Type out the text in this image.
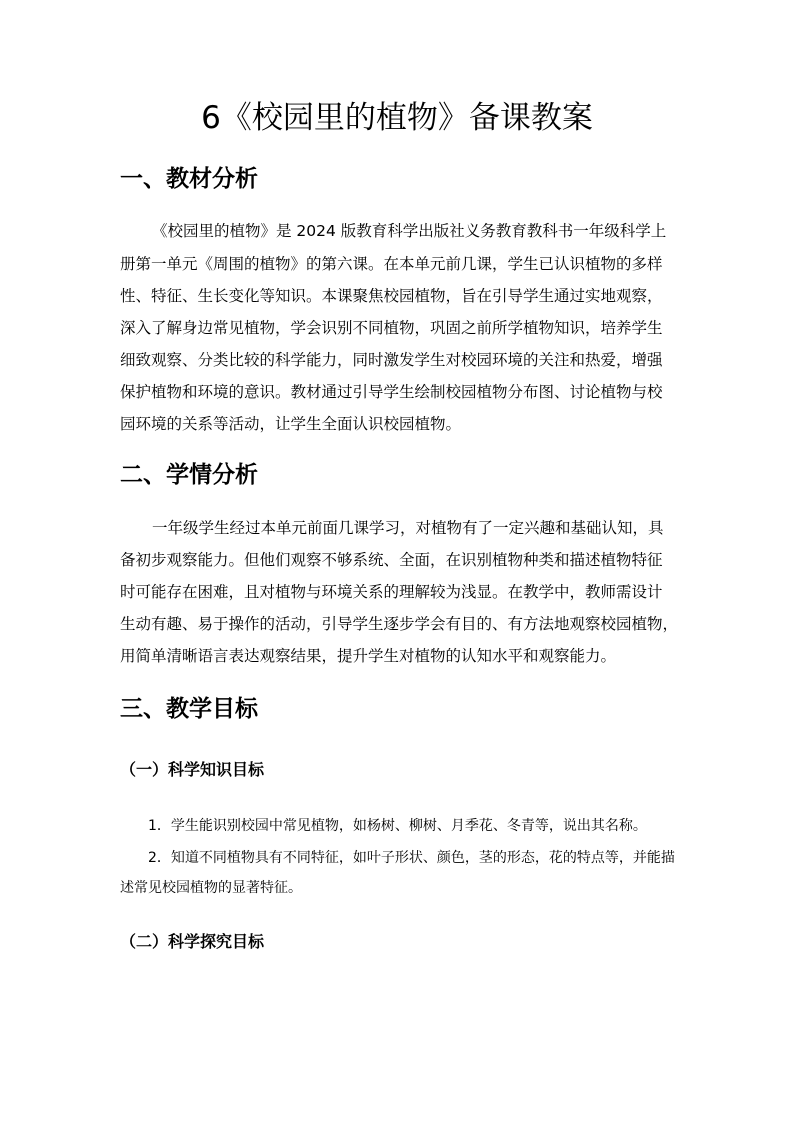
6《校园里的植物》备课教案
一、教材分析
《校园里的植物》是 2024 版教育科学出版社义务教育教科书一年级科学上
册第一单元《周围的植物》的第六课。在本单元前几课，学生已认识植物的多样
性、特征、生长变化等知识。本课聚焦校园植物，旨在引导学生通过实地观察，
深入了解身边常见植物，学会识别不同植物，巩固之前所学植物知识，培养学生
细致观察、分类比较的科学能力，同时激发学生对校园环境的关注和热爱，增强
保护植物和环境的意识。教材通过引导学生绘制校园植物分布图、讨论植物与校
园环境的关系等活动，让学生全面认识校园植物。
二、学情分析
一年级学生经过本单元前面几课学习，对植物有了一定兴趣和基础认知，具
备初步观察能力。但他们观察不够系统、全面，在识别植物种类和描述植物特征
时可能存在困难，且对植物与环境关系的理解较为浅显。在教学中，教师需设计
生动有趣、易于操作的活动，引导学生逐步学会有目的、有方法地观察校园植物，
用简单清晰语言表达观察结果，提升学生对植物的认知水平和观察能力。
三、教学目标
（一）科学知识目标
1．学生能识别校园中常见植物，如杨树、柳树、月季花、冬青等，说出其名称。
2．知道不同植物具有不同特征，如叶子形状、颜色，茎的形态，花的特点等，并能描
述常见校园植物的显著特征。
（二）科学探究目标
